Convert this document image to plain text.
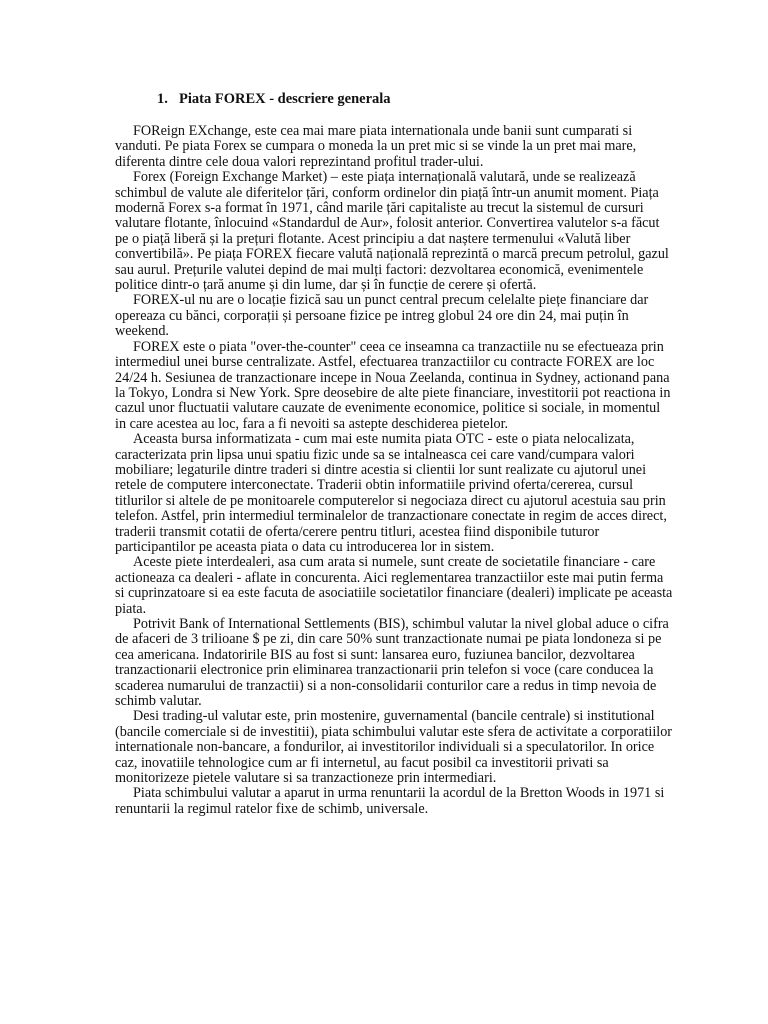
1. Piata FOREX - descriere generala

FOReign EXchange, este cea mai mare piata internationala unde banii sunt cumparati si vanduti. Pe piata Forex se cumpara o moneda la un pret mic si se vinde la un pret mai mare, diferenta dintre cele doua valori reprezintand profitul trader-ului.

Forex (Foreign Exchange Market) – este piața internațională valutară, unde se realizează schimbul de valute ale diferitelor țări, conform ordinelor din piață într-un anumit moment. Piața modernă Forex s-a format în 1971, când marile țări capitaliste au trecut la sistemul de cursuri valutare flotante, înlocuind «Standardul de Aur», folosit anterior. Convertirea valutelor s-a făcut pe o piață liberă și la prețuri flotante. Acest principiu a dat naștere termenului «Valută liber convertibilă». Pe piața FOREX fiecare valută națională reprezintă o marcă precum petrolul, gazul sau aurul. Prețurile valutei depind de mai mulți factori: dezvoltarea economică, evenimentele politice dintr-o țară anume și din lume, dar și în funcție de cerere și ofertă.

FOREX-ul nu are o locație fizică sau un punct central precum celelalte piețe financiare dar opereaza cu bănci, corporații și persoane fizice pe intreg globul 24 ore din 24, mai puțin în weekend.

FOREX este o piata "over-the-counter" ceea ce inseamna ca tranzactiile nu se efectueaza prin intermediul unei burse centralizate. Astfel, efectuarea tranzactiilor cu contracte FOREX are loc 24/24 h. Sesiunea de tranzactionare incepe in Noua Zeelanda, continua in Sydney, actionand pana la Tokyo, Londra si New York. Spre deosebire de alte piete financiare, investitorii pot reactiona in cazul unor fluctuatii valutare cauzate de evenimente economice, politice si sociale, in momentul in care acestea au loc, fara a fi nevoiti sa astepte deschiderea pietelor.

Aceasta bursa informatizata - cum mai este numita piata OTC - este o piata nelocalizata, caracterizata prin lipsa unui spatiu fizic unde sa se intalneasca cei care vand/cumpara valori mobiliare; legaturile dintre traderi si dintre acestia si clientii lor sunt realizate cu ajutorul unei retele de computere interconectate. Traderii obtin informatiile privind oferta/cererea, cursul titlurilor si altele de pe monitoarele computerelor si negociaza direct cu ajutorul acestuia sau prin telefon. Astfel, prin intermediul terminalelor de tranzactionare conectate in regim de acces direct, traderii transmit cotatii de oferta/cerere pentru titluri, acestea fiind disponibile tuturor participantilor pe aceasta piata o data cu introducerea lor in sistem.

Aceste piete interdealeri, asa cum arata si numele, sunt create de societatile financiare - care actioneaza ca dealeri - aflate in concurenta. Aici reglementarea tranzactiilor este mai putin ferma si cuprinzatoare si ea este facuta de asociatiile societatilor financiare (dealeri) implicate pe aceasta piata.

Potrivit Bank of International Settlements (BIS), schimbul valutar la nivel global aduce o cifra de afaceri de 3 trilioane $ pe zi, din care 50% sunt tranzactionate numai pe piata londoneza si pe cea americana. Indatoririle BIS au fost si sunt: lansarea euro, fuziunea bancilor, dezvoltarea tranzactionarii electronice prin eliminarea tranzactionarii prin telefon si voce (care conducea la scaderea numarului de tranzactii) si a non-consolidarii conturilor care a redus in timp nevoia de schimb valutar.

Desi trading-ul valutar este, prin mostenire, guvernamental (bancile centrale) si institutional (bancile comerciale si de investitii), piata schimbului valutar este sfera de activitate a corporatiilor internationale non-bancare, a fondurilor, ai investitorilor individuali si a speculatorilor. In orice caz, inovatiile tehnologice cum ar fi internetul, au facut posibil ca investitorii privati sa monitorizeze pietele valutare si sa tranzactioneze prin intermediari.

Piata schimbului valutar a aparut in urma renuntarii la acordul de la Bretton Woods in 1971 si renuntarii la regimul ratelor fixe de schimb, universale.
